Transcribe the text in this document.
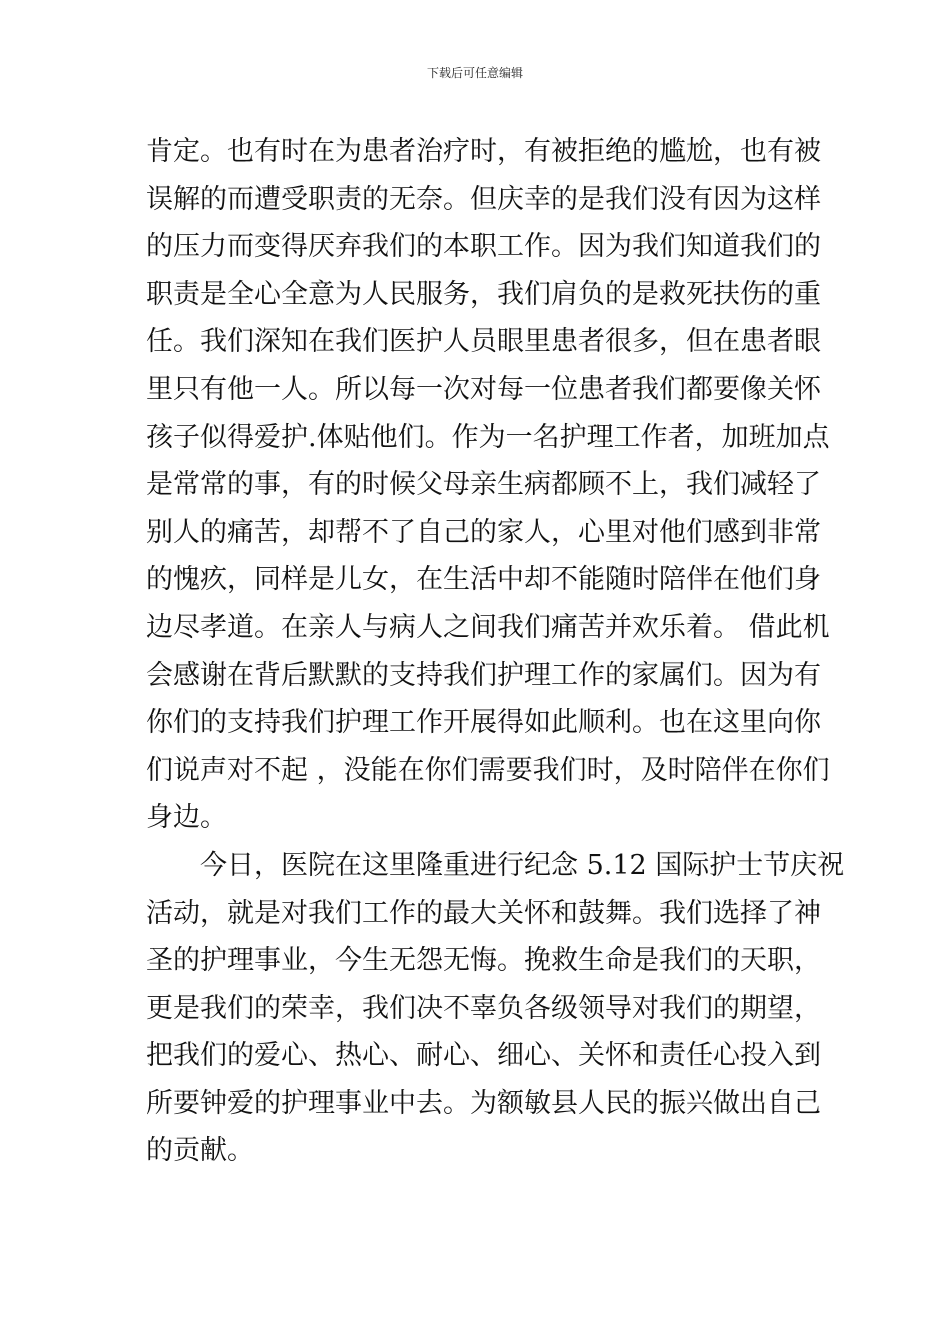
下载后可任意编辑
肯定。也有时在为患者治疗时，有被拒绝的尴尬，也有被
误解的而遭受职责的无奈。但庆幸的是我们没有因为这样
的压力而变得厌弃我们的本职工作。因为我们知道我们的
职责是全心全意为人民服务，我们肩负的是救死扶伤的重
任。我们深知在我们医护人员眼里患者很多，但在患者眼
里只有他一人。所以每一次对每一位患者我们都要像关怀
孩子似得爱护.体贴他们。作为一名护理工作者，加班加点
是常常的事，有的时候父母亲生病都顾不上，我们减轻了
别人的痛苦，却帮不了自己的家人，心里对他们感到非常
的愧疚，同样是儿女，在生活中却不能随时陪伴在他们身
边尽孝道。在亲人与病人之间我们痛苦并欢乐着。 借此机
会感谢在背后默默的支持我们护理工作的家属们。因为有
你们的支持我们护理工作开展得如此顺利。也在这里向你
们说声对不起 ，没能在你们需要我们时，及时陪伴在你们
身边。
　　今日，医院在这里隆重进行纪念 5.12 国际护士节庆祝
活动，就是对我们工作的最大关怀和鼓舞。我们选择了神
圣的护理事业，今生无怨无悔。挽救生命是我们的天职，
更是我们的荣幸，我们决不辜负各级领导对我们的期望，
把我们的爱心、热心、耐心、细心、关怀和责任心投入到
所要钟爱的护理事业中去。为额敏县人民的振兴做出自己
的贡献。
